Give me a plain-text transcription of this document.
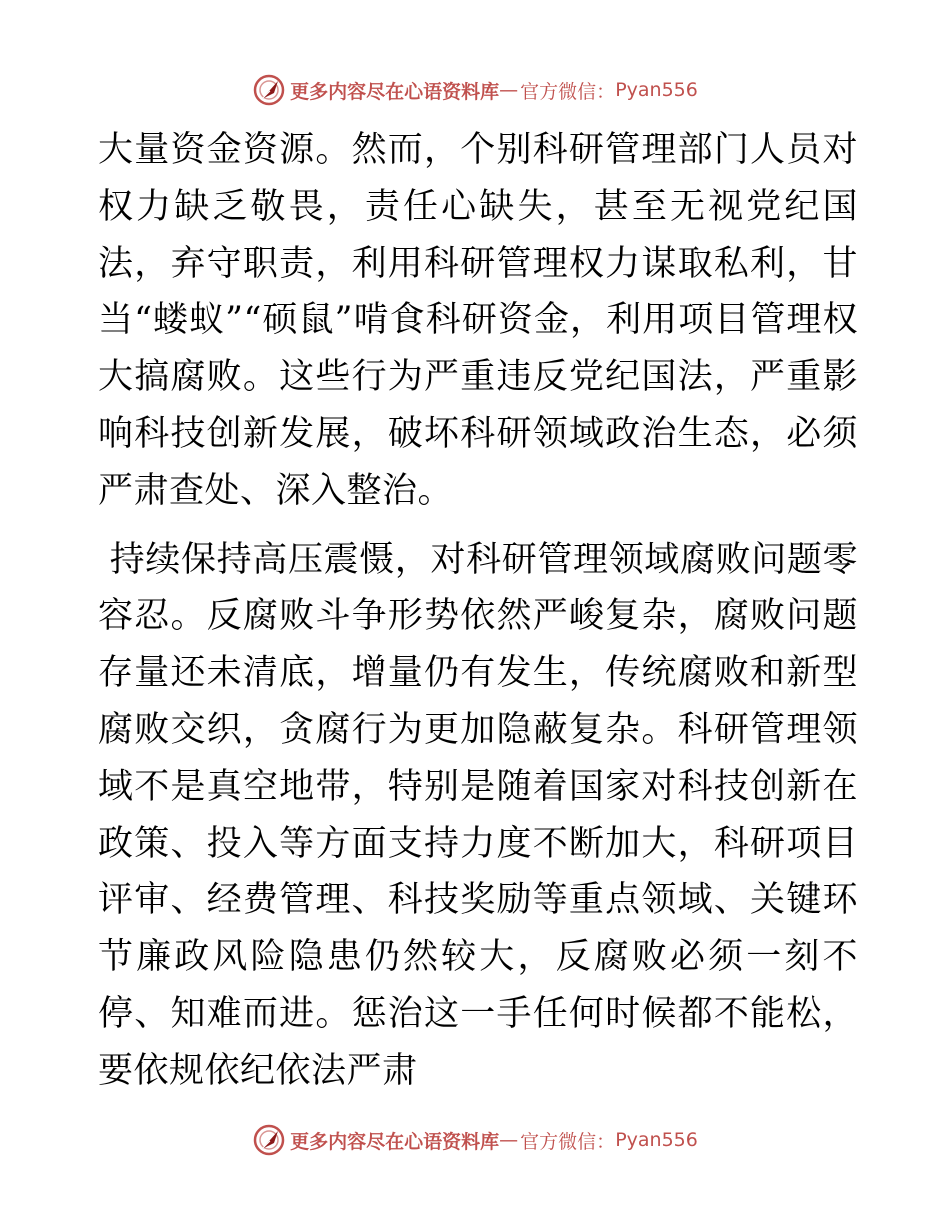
更多内容尽在心语资料库 — 官方微信： Pyan556

大量资金资源。然而，个别科研管理部门人员对权力缺乏敬畏，责任心缺失，甚至无视党纪国法，弃守职责，利用科研管理权力谋取私利，甘当“蝼蚁”“硕鼠”啃食科研资金，利用项目管理权大搞腐败。这些行为严重违反党纪国法，严重影响科技创新发展，破坏科研领域政治生态，必须严肃查处、深入整治。

持续保持高压震慑，对科研管理领域腐败问题零容忍。反腐败斗争形势依然严峻复杂，腐败问题存量还未清底，增量仍有发生，传统腐败和新型腐败交织，贪腐行为更加隐蔽复杂。科研管理领域不是真空地带，特别是随着国家对科技创新在政策、投入等方面支持力度不断加大，科研项目评审、经费管理、科技奖励等重点领域、关键环节廉政风险隐患仍然较大，反腐败必须一刻不停、知难而进。惩治这一手任何时候都不能松，要依规依纪依法严肃

更多内容尽在心语资料库 — 官方微信： Pyan556
